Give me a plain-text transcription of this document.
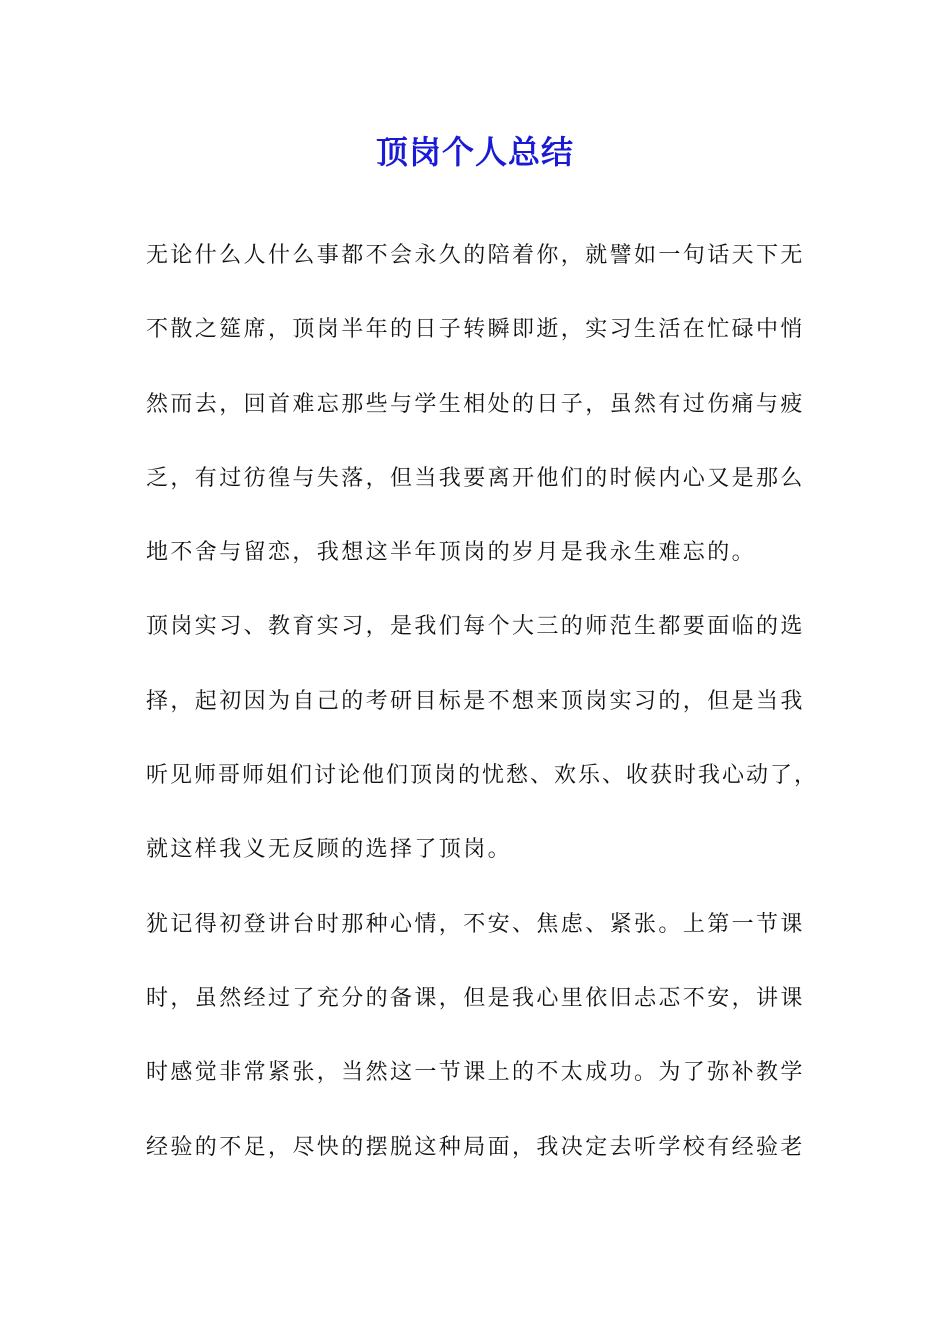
顶岗个人总结
无论什么人什么事都不会永久的陪着你，就譬如一句话天下无
不散之筵席，顶岗半年的日子转瞬即逝，实习生活在忙碌中悄
然而去，回首难忘那些与学生相处的日子，虽然有过伤痛与疲
乏，有过彷徨与失落，但当我要离开他们的时候内心又是那么
地不舍与留恋，我想这半年顶岗的岁月是我永生难忘的。
顶岗实习、教育实习，是我们每个大三的师范生都要面临的选
择，起初因为自己的考研目标是不想来顶岗实习的，但是当我
听见师哥师姐们讨论他们顶岗的忧愁、欢乐、收获时我心动了，
就这样我义无反顾的选择了顶岗。
犹记得初登讲台时那种心情，不安、焦虑、紧张。上第一节课
时，虽然经过了充分的备课，但是我心里依旧忐忑不安，讲课
时感觉非常紧张，当然这一节课上的不太成功。为了弥补教学
经验的不足，尽快的摆脱这种局面，我决定去听学校有经验老
